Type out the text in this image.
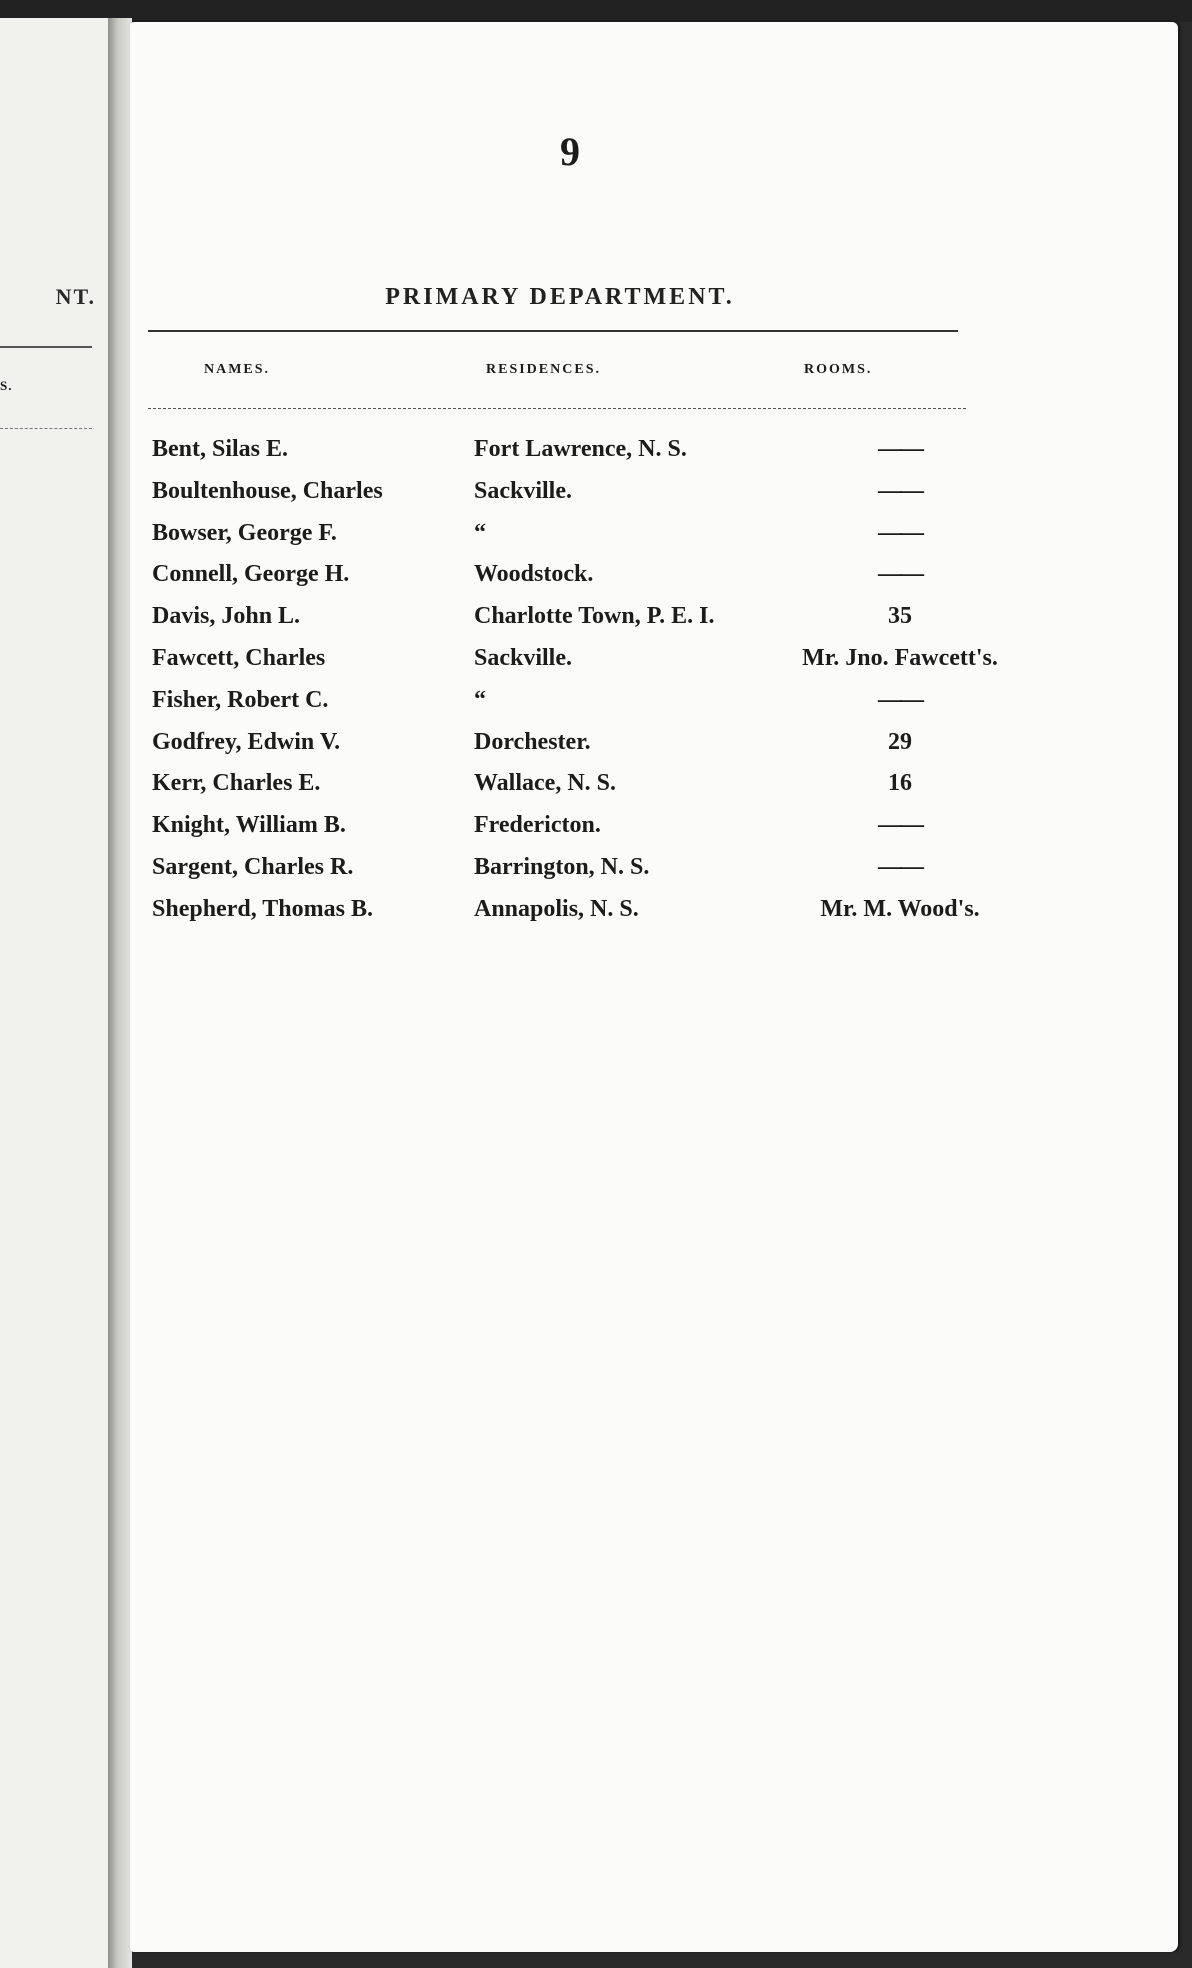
NT.
S.
9
PRIMARY DEPARTMENT.
NAMES.	RESIDENCES.	ROOMS.
Bent, Silas E.	Fort Lawrence, N. S.	——
Boultenhouse, Charles	Sackville.	——
Bowser, George F.	“	——
Connell, George H.	Woodstock.	——
Davis, John L.	Charlotte Town, P. E. I.	35
Fawcett, Charles	Sackville.	Mr. Jno. Fawcett's.
Fisher, Robert C.	“	——
Godfrey, Edwin V.	Dorchester.	29
Kerr, Charles E.	Wallace, N. S.	16
Knight, William B.	Fredericton.	——
Sargent, Charles R.	Barrington, N. S.	——
Shepherd, Thomas B.	Annapolis, N. S.	Mr. M. Wood's.
